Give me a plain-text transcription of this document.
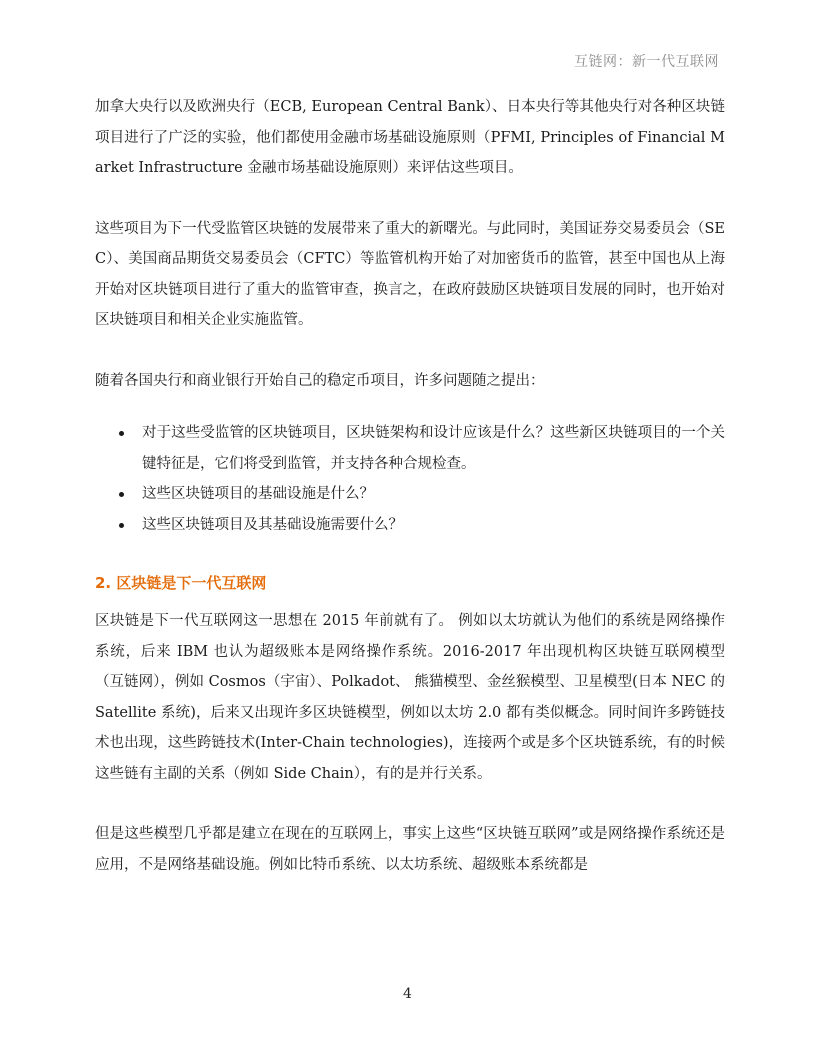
互链网：新一代互联网

加拿大央行以及欧洲央行（ECB, European Central Bank）、日本央行等其他央行对各种区块链项目进行了广泛的实验，他们都使用金融市场基础设施原则（PFMI, Principles of Financial Market Infrastructure 金融市场基础设施原则）来评估这些项目。

这些项目为下一代受监管区块链的发展带来了重大的新曙光。与此同时，美国证券交易委员会（SEC）、美国商品期货交易委员会（CFTC）等监管机构开始了对加密货币的监管，甚至中国也从上海开始对区块链项目进行了重大的监管审查，换言之，在政府鼓励区块链项目发展的同时，也开始对区块链项目和相关企业实施监管。

随着各国央行和商业银行开始自己的稳定币项目，许多问题随之提出：

对于这些受监管的区块链项目，区块链架构和设计应该是什么？这些新区块链项目的一个关键特征是，它们将受到监管，并支持各种合规检查。
这些区块链项目的基础设施是什么？
这些区块链项目及其基础设施需要什么？
2. 区块链是下一代互联网

区块链是下一代互联网这一思想在 2015 年前就有了。 例如以太坊就认为他们的系统是网络操作系统，后来 IBM 也认为超级账本是网络操作系统。2016-2017 年出现机构区块链互联网模型（互链网），例如 Cosmos（宇宙）、Polkadot、 熊猫模型、金丝猴模型、卫星模型(日本 NEC 的 Satellite 系统)，后来又出现许多区块链模型，例如以太坊 2.0 都有类似概念。同时间许多跨链技术也出现，这些跨链技术(Inter-Chain technologies)，连接两个或是多个区块链系统，有的时候这些链有主副的关系（例如 Side Chain），有的是并行关系。

但是这些模型几乎都是建立在现在的互联网上，事实上这些“区块链互联网”或是网络操作系统还是应用，不是网络基础设施。例如比特币系统、以太坊系统、超级账本系统都是

4
